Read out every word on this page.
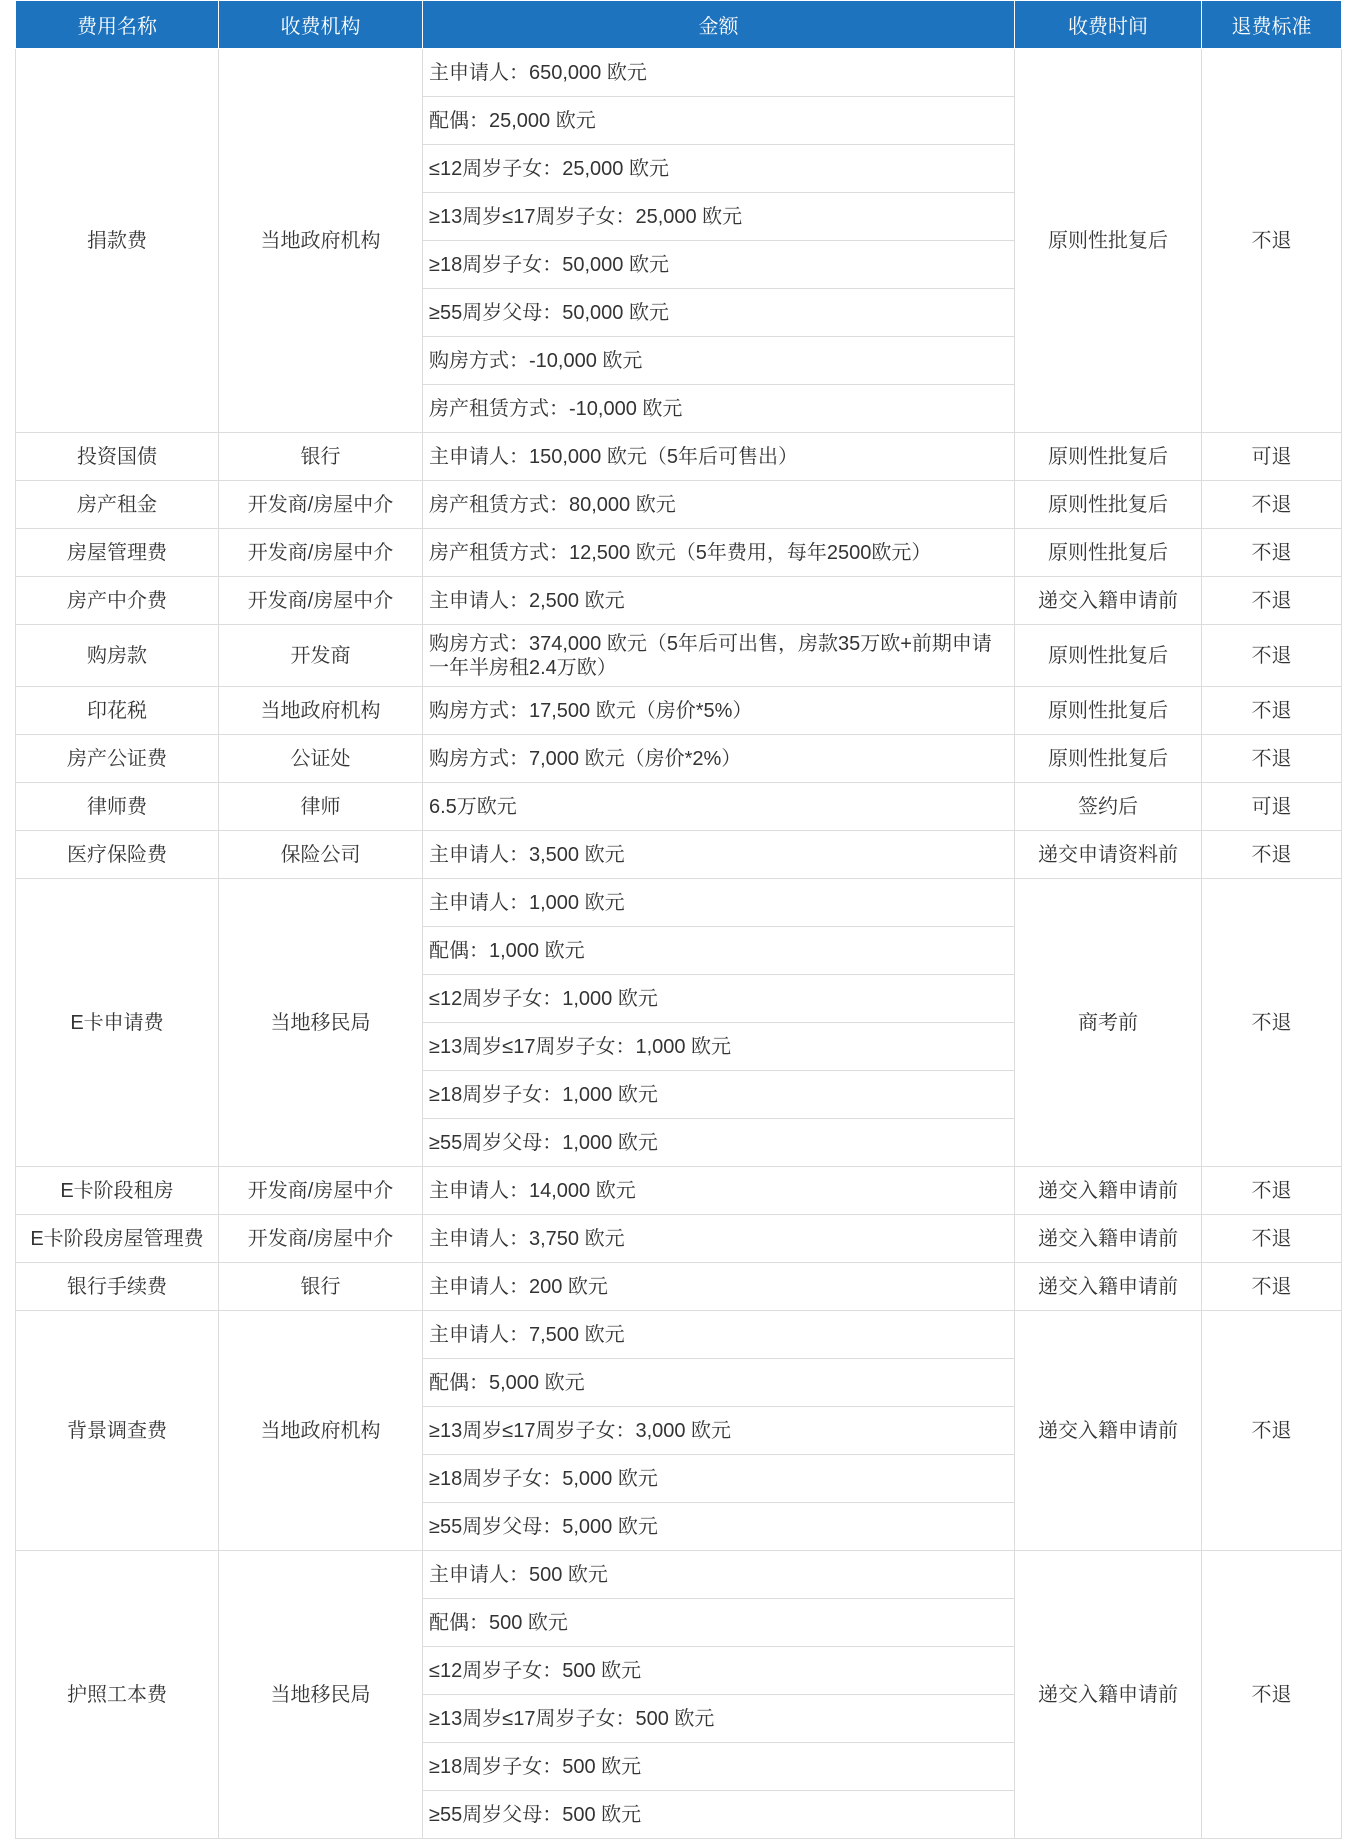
费用名称	收费机构	金额	收费时间	退费标准
捐款费	当地政府机构	主申请人：650,000 欧元	原则性批复后	不退
		配偶：25,000 欧元		
		≤12周岁子女：25,000 欧元		
		≥13周岁≤17周岁子女：25,000 欧元		
		≥18周岁子女：50,000 欧元		
		≥55周岁父母：50,000 欧元		
		购房方式：-10,000 欧元		
		房产租赁方式：-10,000 欧元		
投资国债	银行	主申请人：150,000 欧元（5年后可售出）	原则性批复后	可退
房产租金	开发商/房屋中介	房产租赁方式：80,000 欧元	原则性批复后	不退
房屋管理费	开发商/房屋中介	房产租赁方式：12,500 欧元（5年费用，每年2500欧元）	原则性批复后	不退
房产中介费	开发商/房屋中介	主申请人：2,500 欧元	递交入籍申请前	不退
购房款	开发商	购房方式：374,000 欧元（5年后可出售，房款35万欧+前期申请一年半房租2.4万欧）	原则性批复后	不退
印花税	当地政府机构	购房方式：17,500 欧元（房价*5%）	原则性批复后	不退
房产公证费	公证处	购房方式：7,000 欧元（房价*2%）	原则性批复后	不退
律师费	律师	6.5万欧元	签约后	可退
医疗保险费	保险公司	主申请人：3,500 欧元	递交申请资料前	不退
E卡申请费	当地移民局	主申请人：1,000 欧元	商考前	不退
		配偶：1,000 欧元		
		≤12周岁子女：1,000 欧元		
		≥13周岁≤17周岁子女：1,000 欧元		
		≥18周岁子女：1,000 欧元		
		≥55周岁父母：1,000 欧元		
E卡阶段租房	开发商/房屋中介	主申请人：14,000 欧元	递交入籍申请前	不退
E卡阶段房屋管理费	开发商/房屋中介	主申请人：3,750 欧元	递交入籍申请前	不退
银行手续费	银行	主申请人：200 欧元	递交入籍申请前	不退
背景调查费	当地政府机构	主申请人：7,500 欧元	递交入籍申请前	不退
		配偶：5,000 欧元		
		≥13周岁≤17周岁子女：3,000 欧元		
		≥18周岁子女：5,000 欧元		
		≥55周岁父母：5,000 欧元		
护照工本费	当地移民局	主申请人：500 欧元	递交入籍申请前	不退
		配偶：500 欧元		
		≤12周岁子女：500 欧元		
		≥13周岁≤17周岁子女：500 欧元		
		≥18周岁子女：500 欧元		
		≥55周岁父母：500 欧元		
